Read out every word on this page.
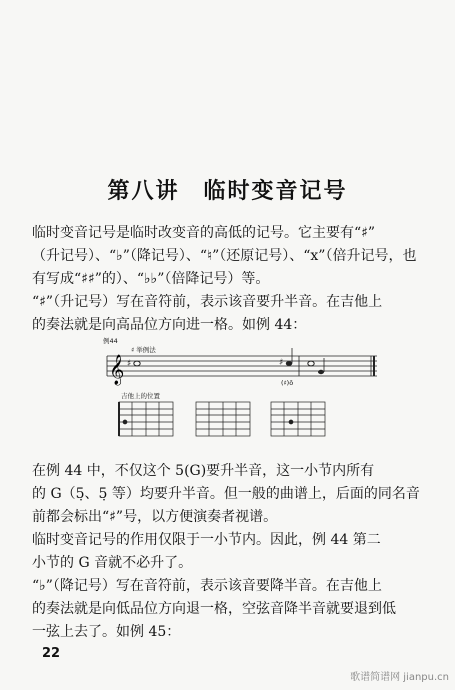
第八讲　临时变音记号

临时变音记号是临时改变音的高低的记号。它主要有“♯”
（升记号）、“♭”（降记号）、“♮”（还原记号）、“x”（倍升记号，也
有写成“♯♯”的）、“♭♭”（倍降记号）等。

“♯”（升记号）写在音符前，表示该音要升半音。在吉他上
的奏法就是向高品位方向进一格。如例 44：

例44
♯ 举例法
𝄞 ♯	♯
(♯)ō
吉他上的位置

在例 44 中，不仅这个 5(G)要升半音，这一小节内所有
的 G（5̣、5̣ 等）均要升半音。但一般的曲谱上，后面的同名音
前都会标出“♯”号，以方便演奏者视谱。

临时变音记号的作用仅限于一小节内。因此，例 44 第二
小节的 G 音就不必升了。

“♭”（降记号）写在音符前，表示该音要降半音。在吉他上
的奏法就是向低品位方向退一格，空弦音降半音就要退到低
一弦上去了。如例 45：

22
歌谱简谱网 jianpu.cn
